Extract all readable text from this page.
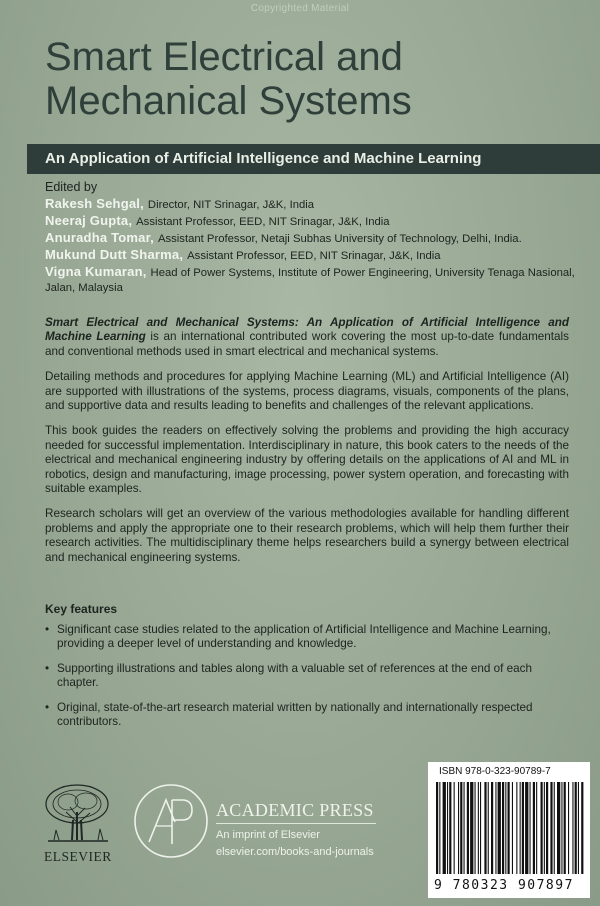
Copyrighted Material
Smart Electrical and
Mechanical Systems
An Application of Artificial Intelligence and Machine Learning
Edited by
Rakesh Sehgal, Director, NIT Srinagar, J&K, India
Neeraj Gupta, Assistant Professor, EED, NIT Srinagar, J&K, India
Anuradha Tomar, Assistant Professor, Netaji Subhas University of Technology, Delhi, India.
Mukund Dutt Sharma, Assistant Professor, EED, NIT Srinagar, J&K, India
Vigna Kumaran, Head of Power Systems, Institute of Power Engineering, University Tenaga Nasional, Jalan, Malaysia

Smart Electrical and Mechanical Systems: An Application of Artificial Intelligence and Machine Learning is an international contributed work covering the most up-to-date fundamentals and conventional methods used in smart electrical and mechanical systems.

Detailing methods and procedures for applying Machine Learning (ML) and Artificial Intelligence (AI) are supported with illustrations of the systems, process diagrams, visuals, components of the plans, and supportive data and results leading to benefits and challenges of the relevant applications.

This book guides the readers on effectively solving the problems and providing the high accuracy needed for successful implementation. Interdisciplinary in nature, this book caters to the needs of the electrical and mechanical engineering industry by offering details on the applications of AI and ML in robotics, design and manufacturing, image processing, power system operation, and forecasting with suitable examples.

Research scholars will get an overview of the various methodologies available for handling different problems and apply the appropriate one to their research problems, which will help them further their research activities. The multidisciplinary theme helps researchers build a synergy between electrical and mechanical engineering systems.

Key features
• Significant case studies related to the application of Artificial Intelligence and Machine Learning, providing a deeper level of understanding and knowledge.
• Supporting illustrations and tables along with a valuable set of references at the end of each chapter.
• Original, state-of-the-art research material written by nationally and internationally respected contributors.
ELSEVIER
ACADEMIC PRESS
An imprint of Elsevier
elsevier.com/books-and-journals
ISBN 978-0-323-90789-7
9 780323 907897
